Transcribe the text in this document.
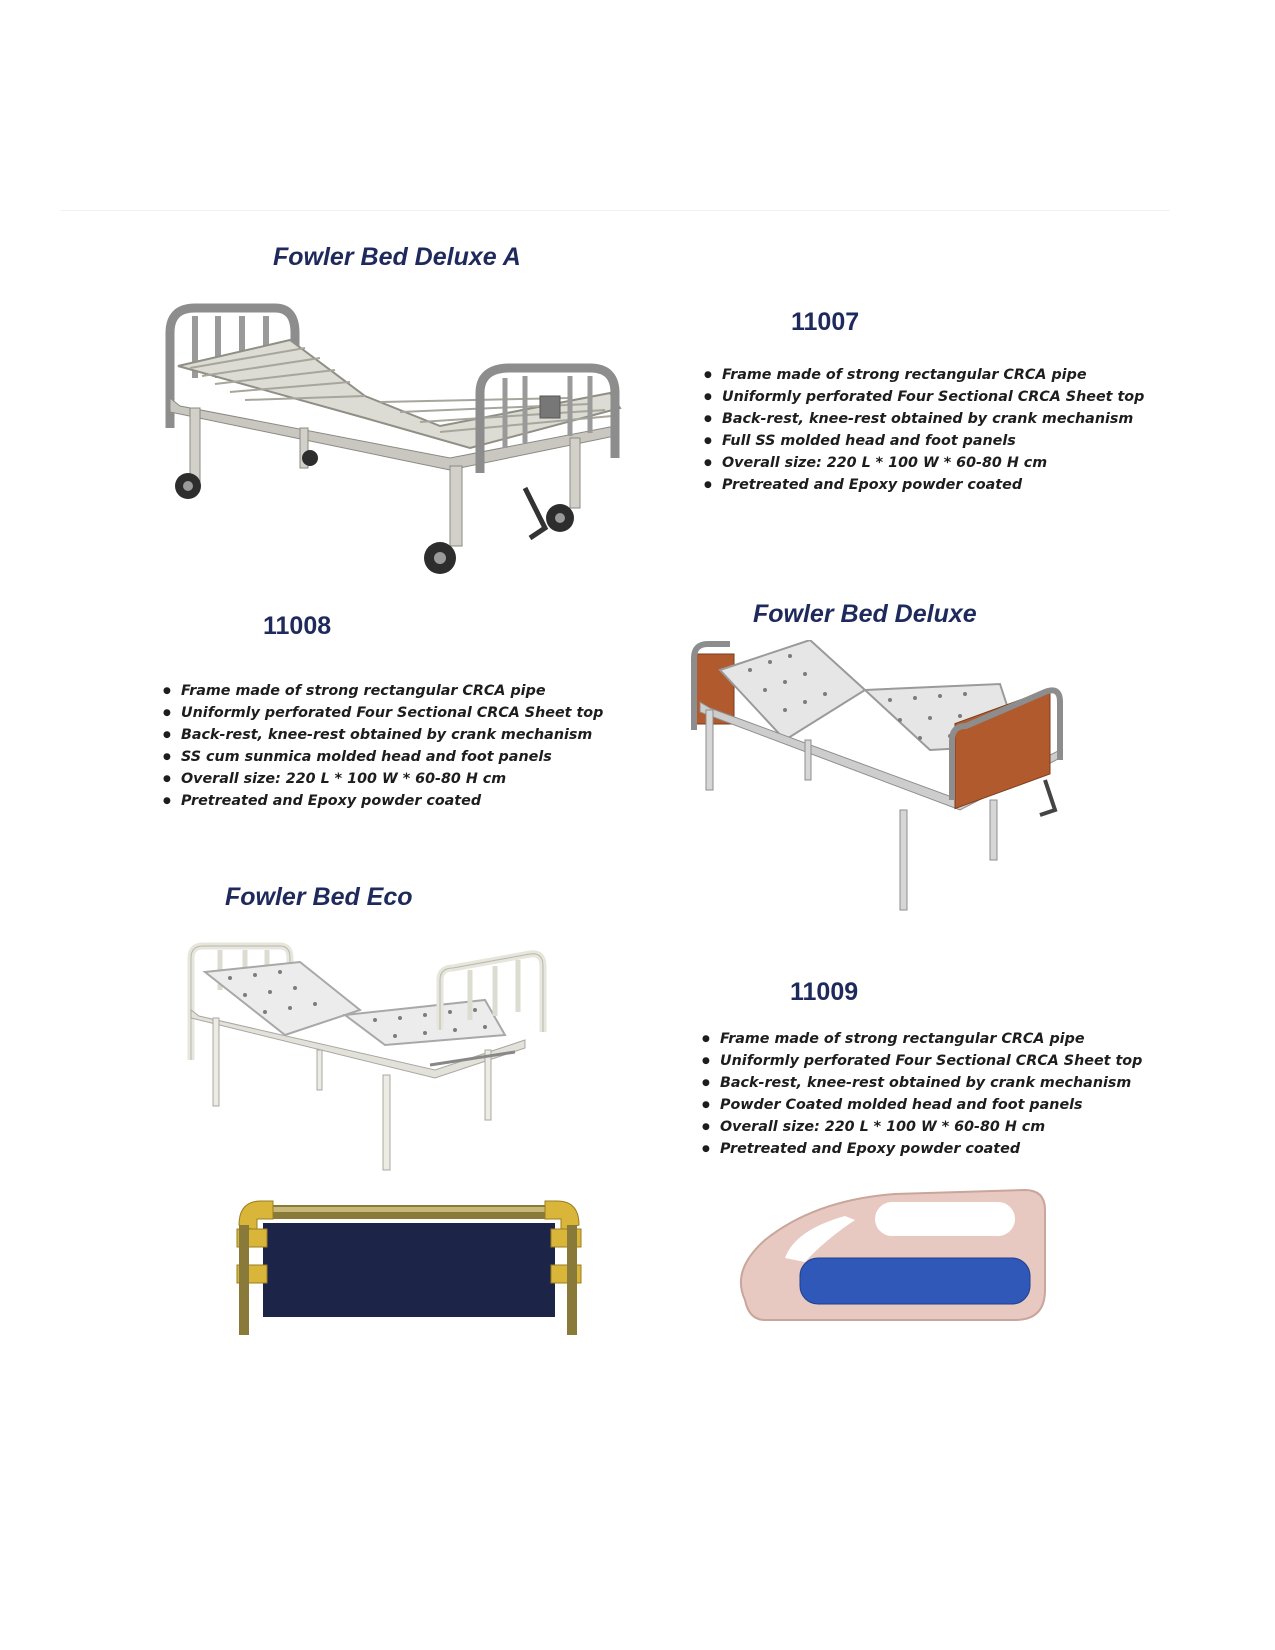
Fowler Bed Deluxe A
11007
● Frame made of strong rectangular CRCA pipe
● Uniformly perforated Four Sectional CRCA Sheet top
● Back-rest, knee-rest obtained by crank mechanism
● Full SS molded head and foot panels
● Overall size: 220 L * 100 W * 60-80 H cm
● Pretreated and Epoxy powder coated
11008	Fowler Bed Deluxe
● Frame made of strong rectangular CRCA pipe
● Uniformly perforated Four Sectional CRCA Sheet top
● Back-rest, knee-rest obtained by crank mechanism
● SS cum sunmica molded head and foot panels
● Overall size: 220 L * 100 W * 60-80 H cm
● Pretreated and Epoxy powder coated
Fowler Bed Eco
11009
● Frame made of strong rectangular CRCA pipe
● Uniformly perforated Four Sectional CRCA Sheet top
● Back-rest, knee-rest obtained by crank mechanism
● Powder Coated molded head and foot panels
● Overall size: 220 L * 100 W * 60-80 H cm
● Pretreated and Epoxy powder coated
